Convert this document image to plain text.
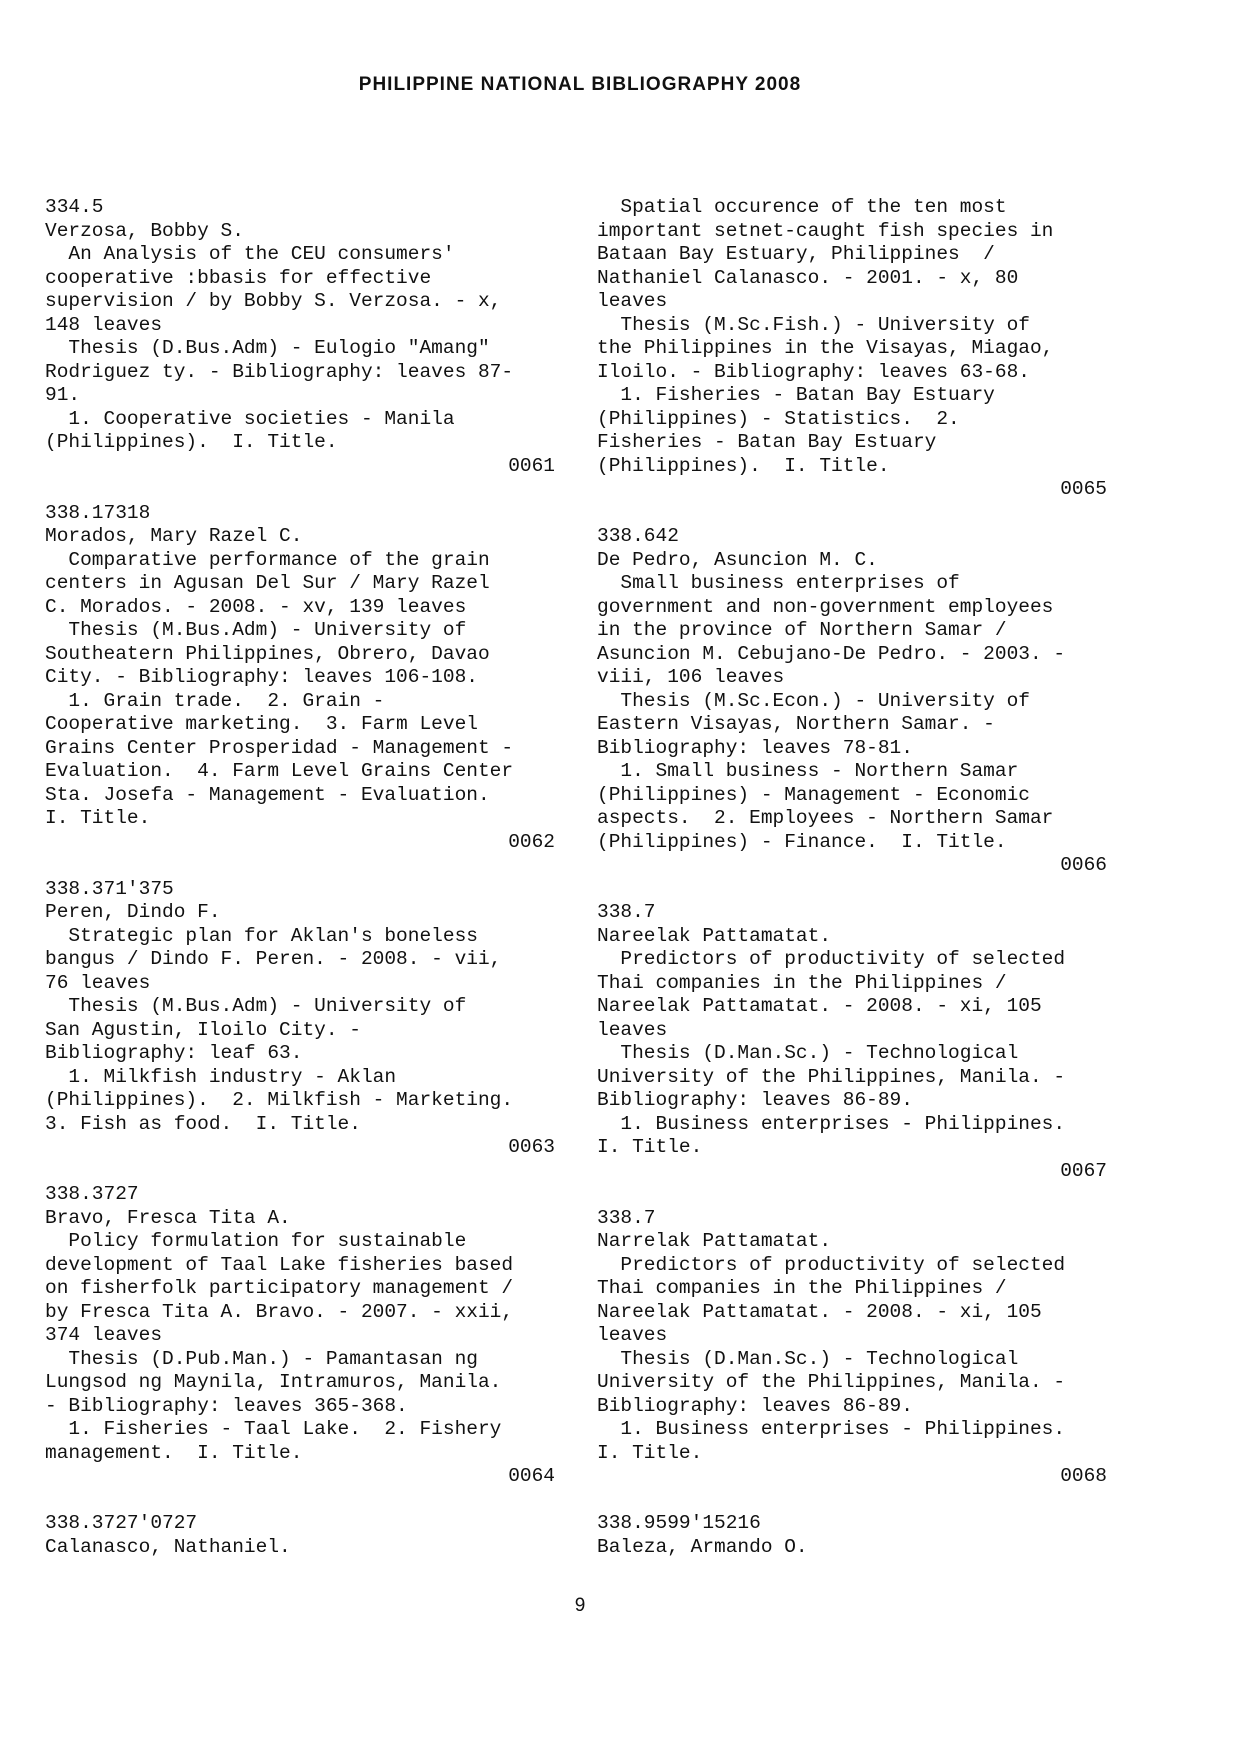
PHILIPPINE NATIONAL BIBLIOGRAPHY 2008
334.5
Verzosa, Bobby S.
An Analysis of the CEU consumers'
cooperative :bbasis for effective
supervision / by Bobby S. Verzosa. - x,
148 leaves
Thesis (D.Bus.Adm) - Eulogio "Amang"
Rodriguez ty. - Bibliography: leaves 87-
91.
1. Cooperative societies - Manila
(Philippines).  I. Title.
0061
338.17318
Morados, Mary Razel C.
Comparative performance of the grain
centers in Agusan Del Sur / Mary Razel
C. Morados. - 2008. - xv, 139 leaves
Thesis (M.Bus.Adm) - University of
Southeatern Philippines, Obrero, Davao
City. - Bibliography: leaves 106-108.
1. Grain trade.  2. Grain -
Cooperative marketing.  3. Farm Level
Grains Center Prosperidad - Management -
Evaluation.  4. Farm Level Grains Center
Sta. Josefa - Management - Evaluation.
I. Title.
0062
338.371'375
Peren, Dindo F.
Strategic plan for Aklan's boneless
bangus / Dindo F. Peren. - 2008. - vii,
76 leaves
Thesis (M.Bus.Adm) - University of
San Agustin, Iloilo City. -
Bibliography: leaf 63.
1. Milkfish industry - Aklan
(Philippines).  2. Milkfish - Marketing.
3. Fish as food.  I. Title.
0063
338.3727
Bravo, Fresca Tita A.
Policy formulation for sustainable
development of Taal Lake fisheries based
on fisherfolk participatory management /
by Fresca Tita A. Bravo. - 2007. - xxii,
374 leaves
Thesis (D.Pub.Man.) - Pamantasan ng
Lungsod ng Maynila, Intramuros, Manila.
- Bibliography: leaves 365-368.
1. Fisheries - Taal Lake.  2. Fishery
management.  I. Title.
0064
338.3727'0727
Calanasco, Nathaniel.
Spatial occurence of the ten most
important setnet-caught fish species in
Bataan Bay Estuary, Philippines  /
Nathaniel Calanasco. - 2001. - x, 80
leaves
Thesis (M.Sc.Fish.) - University of
the Philippines in the Visayas, Miagao,
Iloilo. - Bibliography: leaves 63-68.
1. Fisheries - Batan Bay Estuary
(Philippines) - Statistics.  2.
Fisheries - Batan Bay Estuary
(Philippines).  I. Title.
0065
338.642
De Pedro, Asuncion M. C.
Small business enterprises of
government and non-government employees
in the province of Northern Samar /
Asuncion M. Cebujano-De Pedro. - 2003. -
viii, 106 leaves
Thesis (M.Sc.Econ.) - University of
Eastern Visayas, Northern Samar. -
Bibliography: leaves 78-81.
1. Small business - Northern Samar
(Philippines) - Management - Economic
aspects.  2. Employees - Northern Samar
(Philippines) - Finance.  I. Title.
0066
338.7
Nareelak Pattamatat.
Predictors of productivity of selected
Thai companies in the Philippines /
Nareelak Pattamatat. - 2008. - xi, 105
leaves
Thesis (D.Man.Sc.) - Technological
University of the Philippines, Manila. -
Bibliography: leaves 86-89.
1. Business enterprises - Philippines.
I. Title.
0067
338.7
Narrelak Pattamatat.
Predictors of productivity of selected
Thai companies in the Philippines /
Nareelak Pattamatat. - 2008. - xi, 105
leaves
Thesis (D.Man.Sc.) - Technological
University of the Philippines, Manila. -
Bibliography: leaves 86-89.
1. Business enterprises - Philippines.
I. Title.
0068
338.9599'15216
Baleza, Armando O.
9
